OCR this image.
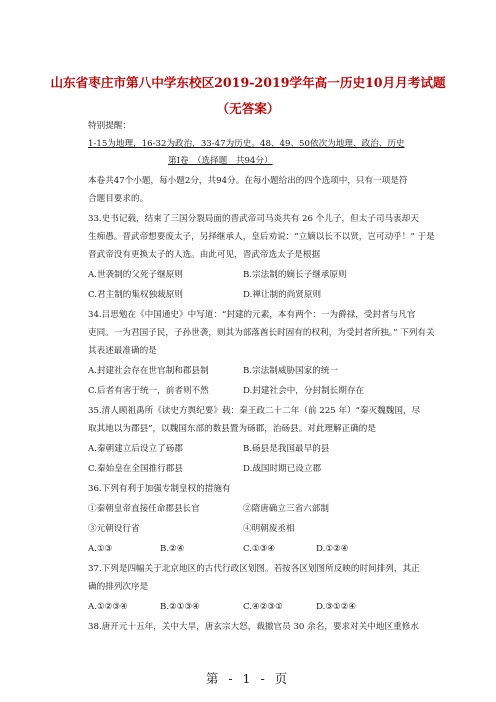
山东省枣庄市第八中学东校区2019-2019学年高一历史10月月考试题
（无答案）
特别提醒：
1-15为地理，16-32为政治，33-47为历史。48、49、50依次为地理、政治、历史
第Ⅰ卷　（选择题　共94分）
本卷共47个小题，每小题2分，共94分。在每小题给出的四个选项中，只有一项是符
合题目要求的。
33.史书记载，结束了三国分裂局面的晋武帝司马炎共有 26 个儿子，但太子司马衷却天
生痴愚。晋武帝想要废太子，另择继承人，皇后劝说：“立嫡以长不以贤，岂可动乎！” 于是
晋武帝没有更换太子的人选。由此可见，晋武帝选太子是根据
A.世袭制的父死子继原则	B.宗法制的嫡长子继承原则
C.君主制的集权独裁原则	D.禅让制的尚贤原则
34.吕思勉在《中国通史》中写道：“封建的元素，本有两个：一为爵禄，受封者与凡官
吏同。一为君国子民，子孙世袭，则其为部落酋长时固有的权利，为受封者所独。” 下列有关
其表述最准确的是
A.封建社会存在世官制和郡县制	B.宗法制威胁国家的统一
C.后者有害于统一，前者则不然	D.封建社会中，分封制长期存在
35.清人顾祖禹所《读史方舆纪要》载：秦王政二十二年（前 225 年）“秦灭魏魏国，尽
取其地以为郡县”，以魏国东部的数县置为砀郡，治砀县。对此理解正确的是
A.秦朝建立后设立了砀郡	B.砀县是我国最早的县
C.秦始皇在全国推行郡县	D.战国时期已设立郡
36.下列有利于加强专制皇权的措施有
①秦朝皇帝直接任命郡县长官	②隋唐确立三省六部制
③元朝设行省	④明朝废丞相
A.①③	B.②④	C.①③④	D.①②④
37.下列是四幅关于北京地区的古代行政区划图。若按各区划图所反映的时间排列，其正
确的排列次序是
A.①②③④	B.②①③④	C.④②③①	D.③①②④
38.唐开元十五年，关中大旱，唐玄宗大怒，裁撤官员 30 余名，要求对关中地区重修水
第 - 1 - 页
